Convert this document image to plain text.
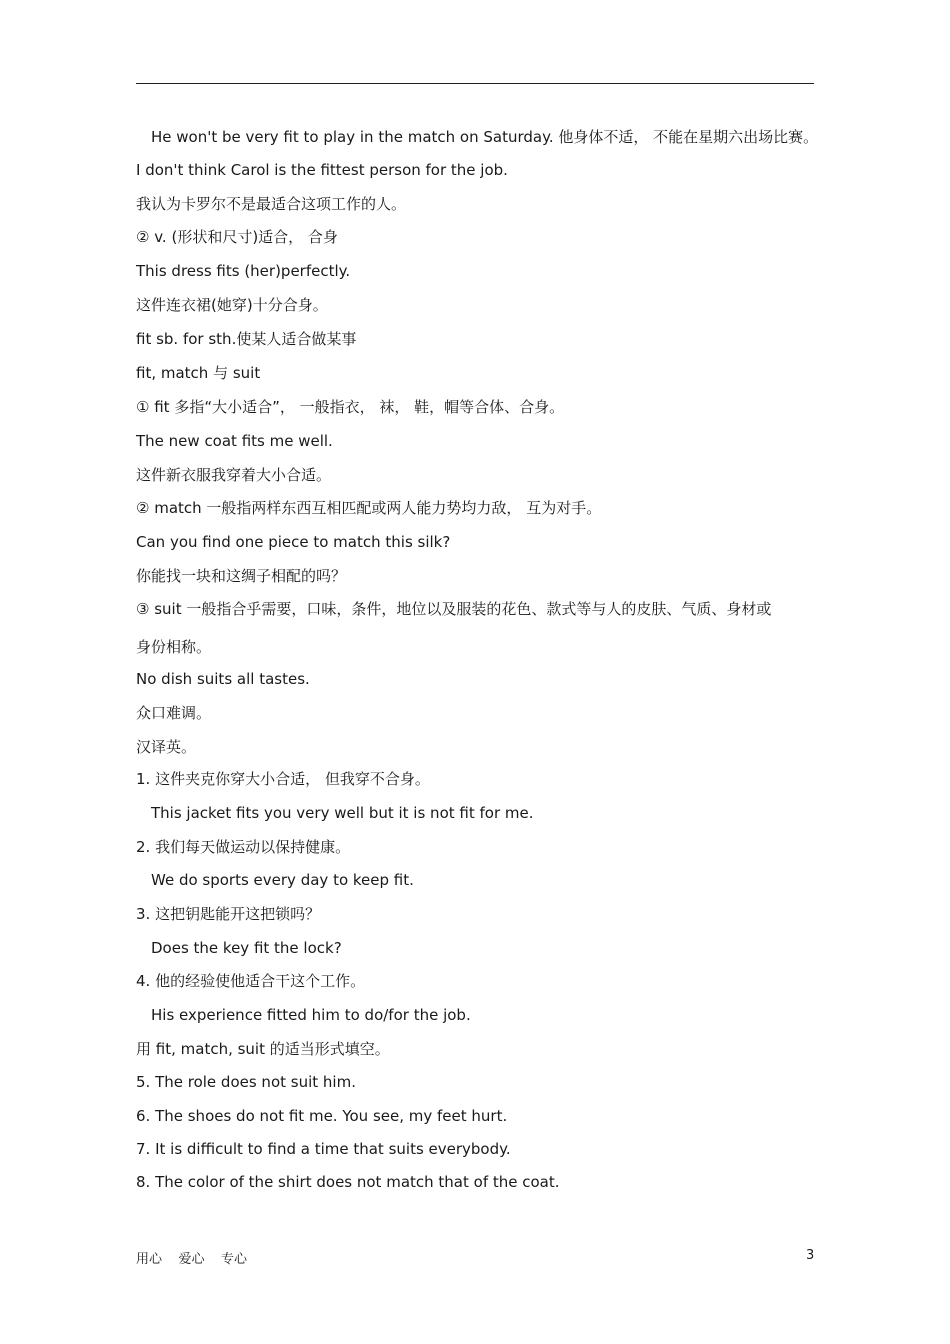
He won't be very fit to play in the match on Saturday. 他身体不适， 不能在星期六出场比赛。
I don't think Carol is the fittest person for the job.
我认为卡罗尔不是最适合这项工作的人。
② v. (形状和尺寸)适合， 合身
This dress fits (her)perfectly.
这件连衣裙(她穿)十分合身。
fit sb. for sth.使某人适合做某事
fit, match 与 suit
① fit 多指“大小适合”， 一般指衣， 袜， 鞋，帽等合体、合身。
The new coat fits me well.
这件新衣服我穿着大小合适。
② match 一般指两样东西互相匹配或两人能力势均力敌， 互为对手。
Can you find one piece to match this silk?
你能找一块和这绸子相配的吗？
③ suit 一般指合乎需要，口味，条件，地位以及服装的花色、款式等与人的皮肤、气质、身材或
身份相称。
No dish suits all tastes.
众口难调。
汉译英。
1. 这件夹克你穿大小合适， 但我穿不合身。
This jacket fits you very well but it is not fit for me.
2. 我们每天做运动以保持健康。
We do sports every day to keep fit.
3. 这把钥匙能开这把锁吗？
Does the key fit the lock?
4. 他的经验使他适合干这个工作。
His experience fitted him to do/for the job.
用 fit, match, suit 的适当形式填空。
5. The role does not suit him.
6. The shoes do not fit me. You see, my feet hurt.
7. It is difficult to find a time that suits everybody.
8. The color of the shirt does not match that of the coat.
用心    爱心    专心	3
